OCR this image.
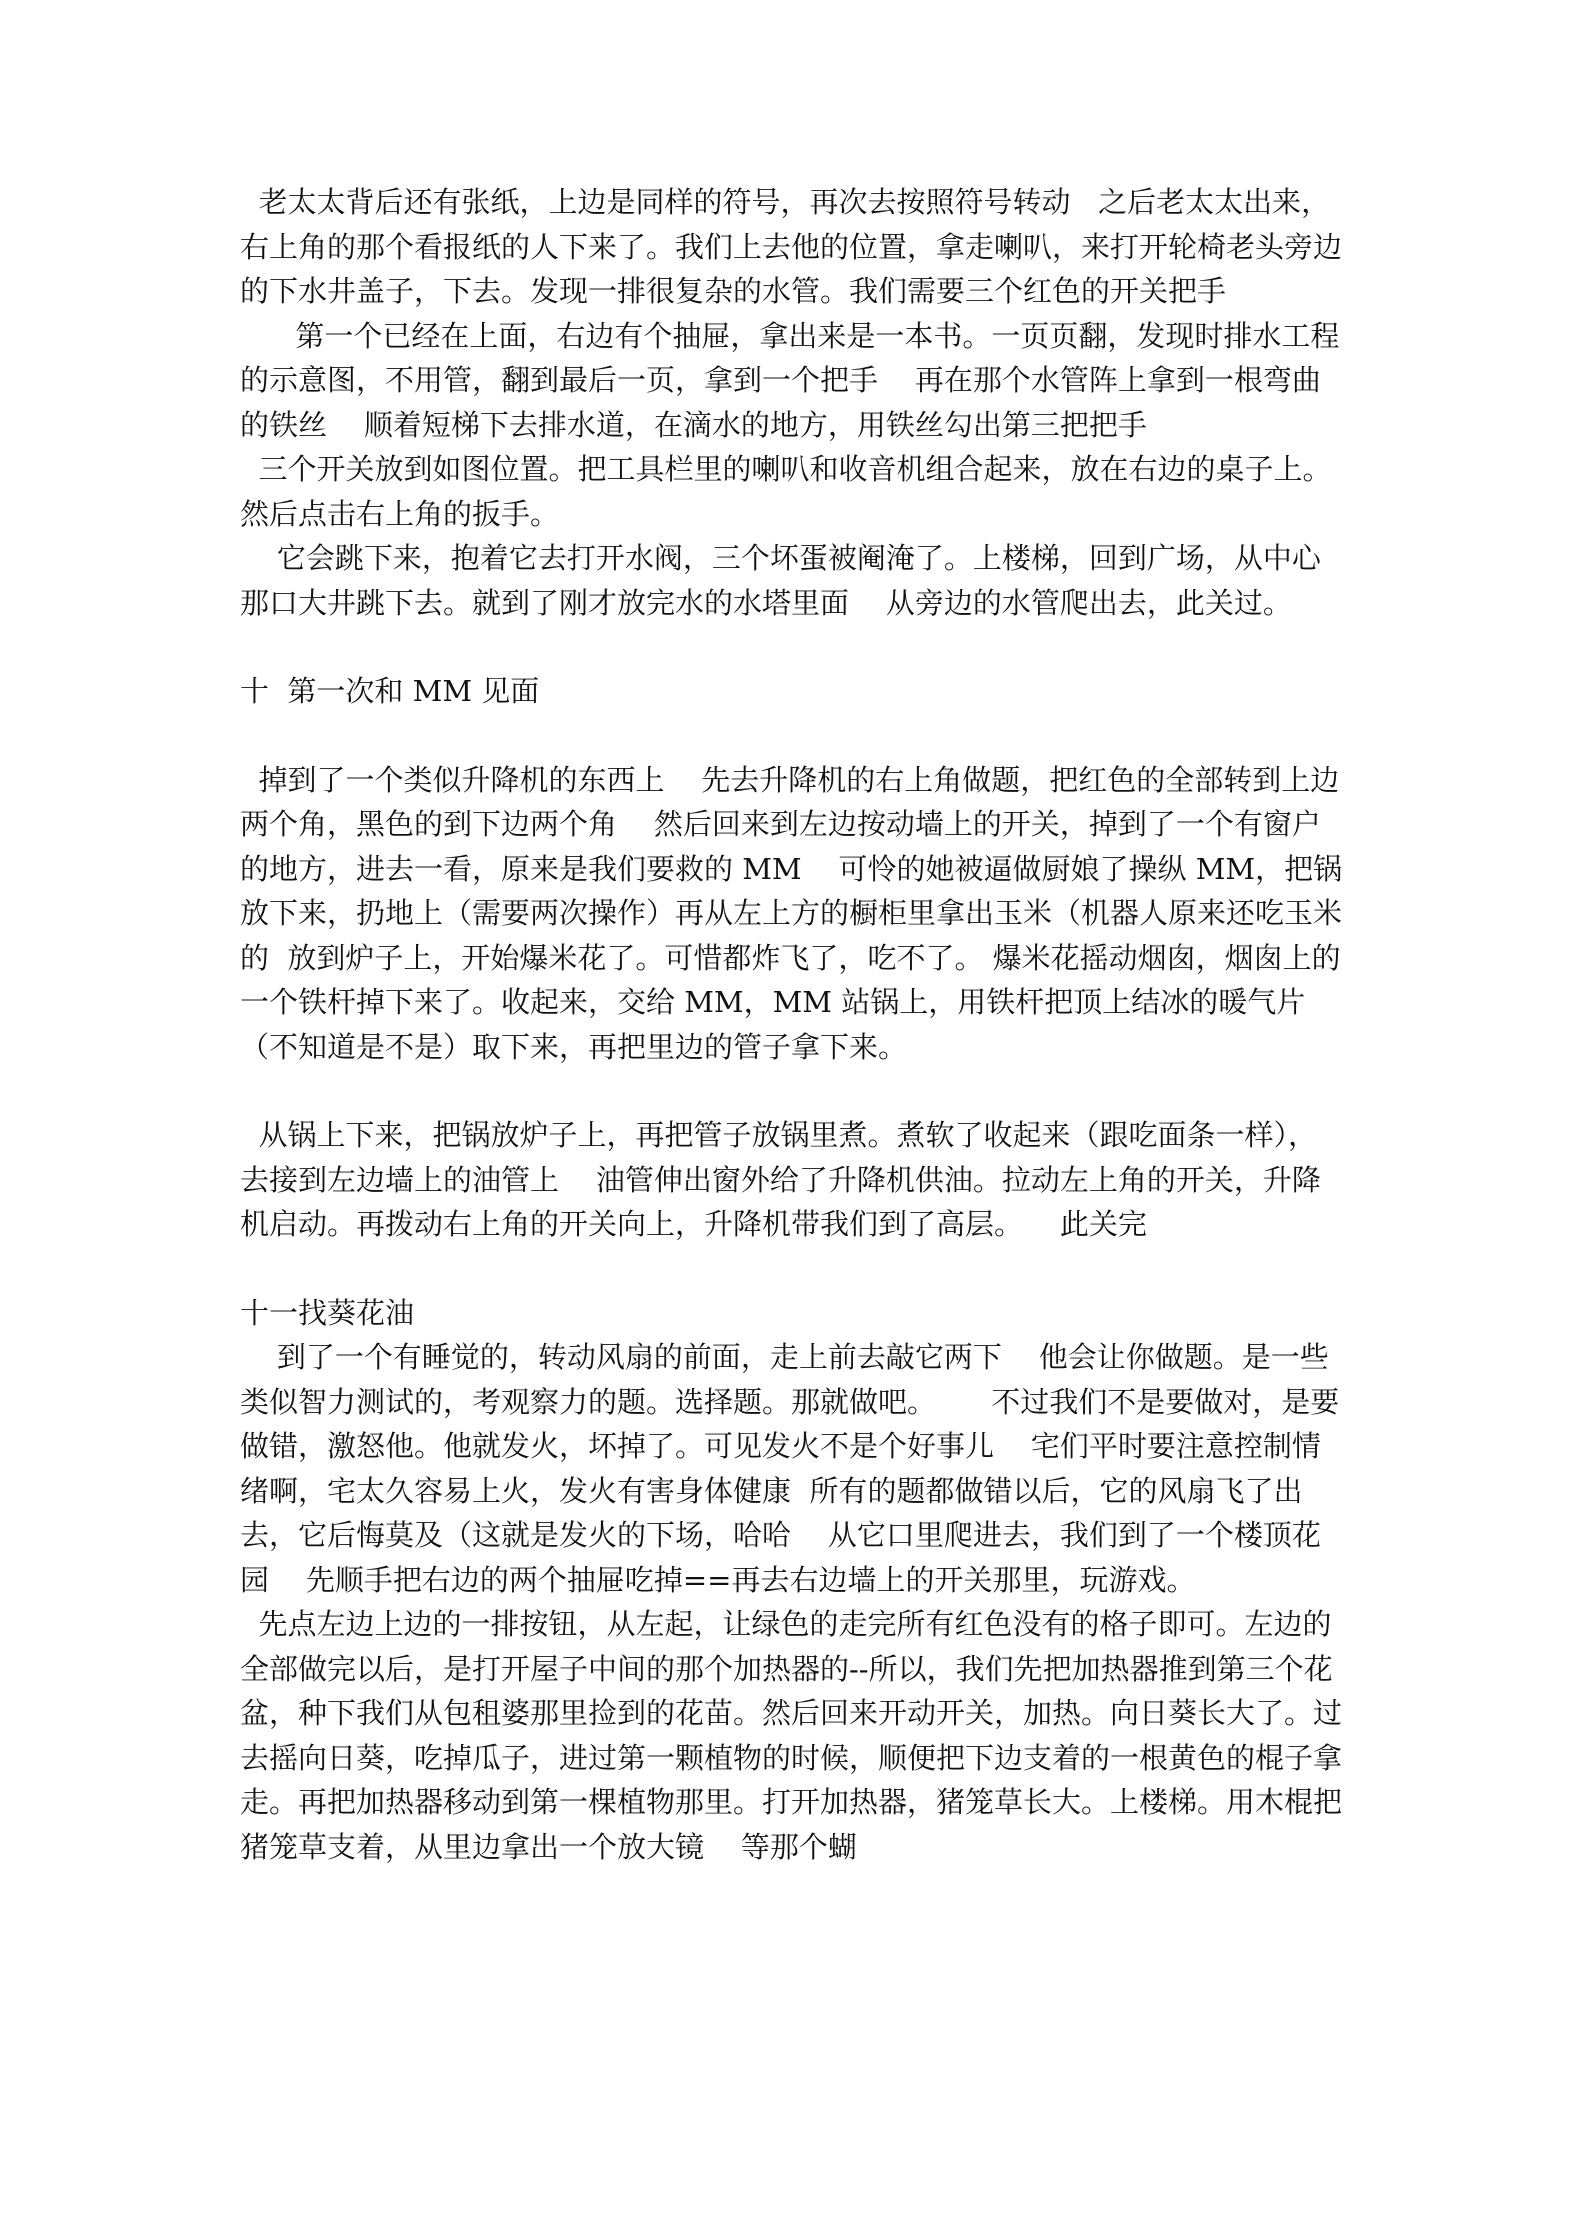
老太太背后还有张纸，上边是同样的符号，再次去按照符号转动   之后老太太出来，右上角的那个看报纸的人下来了。我们上去他的位置，拿走喇叭，来打开轮椅老头旁边的下水井盖子，下去。发现一排很复杂的水管。我们需要三个红色的开关把手

第一个已经在上面，右边有个抽屉，拿出来是一本书。一页页翻，发现时排水工程的示意图，不用管，翻到最后一页，拿到一个把手    再在那个水管阵上拿到一根弯曲的铁丝    顺着短梯下去排水道，在滴水的地方，用铁丝勾出第三把把手

三个开关放到如图位置。把工具栏里的喇叭和收音机组合起来，放在右边的桌子上。然后点击右上角的扳手。

它会跳下来，抱着它去打开水阀，三个坏蛋被阉淹了。上楼梯，回到广场，从中心那口大井跳下去。就到了刚才放完水的水塔里面    从旁边的水管爬出去，此关过。

十  第一次和 MM 见面

掉到了一个类似升降机的东西上    先去升降机的右上角做题，把红色的全部转到上边两个角，黑色的到下边两个角    然后回来到左边按动墙上的开关，掉到了一个有窗户的地方，进去一看，原来是我们要救的 MM    可怜的她被逼做厨娘了操纵 MM，把锅放下来，扔地上（需要两次操作）再从左上方的橱柜里拿出玉米（机器人原来还吃玉米的  放到炉子上，开始爆米花了。可惜都炸飞了，吃不了。 爆米花摇动烟囱，烟囱上的一个铁杆掉下来了。收起来，交给 MM，MM 站锅上，用铁杆把顶上结冰的暖气片（不知道是不是）取下来，再把里边的管子拿下来。

从锅上下来，把锅放炉子上，再把管子放锅里煮。煮软了收起来（跟吃面条一样），去接到左边墙上的油管上    油管伸出窗外给了升降机供油。拉动左上角的开关，升降机启动。再拨动右上角的开关向上，升降机带我们到了高层。    此关完

十一找葵花油

到了一个有睡觉的，转动风扇的前面，走上前去敲它两下    他会让你做题。是一些类似智力测试的，考观察力的题。选择题。那就做吧。      不过我们不是要做对，是要做错，激怒他。他就发火，坏掉了。可见发火不是个好事儿    宅们平时要注意控制情绪啊，宅太久容易上火，发火有害身体健康  所有的题都做错以后，它的风扇飞了出去，它后悔莫及（这就是发火的下场，哈哈    从它口里爬进去，我们到了一个楼顶花园    先顺手把右边的两个抽屉吃掉==再去右边墙上的开关那里，玩游戏。

先点左边上边的一排按钮，从左起，让绿色的走完所有红色没有的格子即可。左边的全部做完以后，是打开屋子中间的那个加热器的--所以，我们先把加热器推到第三个花盆，种下我们从包租婆那里捡到的花苗。然后回来开动开关，加热。向日葵长大了。过去摇向日葵，吃掉瓜子，进过第一颗植物的时候，顺便把下边支着的一根黄色的棍子拿走。再把加热器移动到第一棵植物那里。打开加热器，猪笼草长大。上楼梯。用木棍把猪笼草支着，从里边拿出一个放大镜    等那个蝴
